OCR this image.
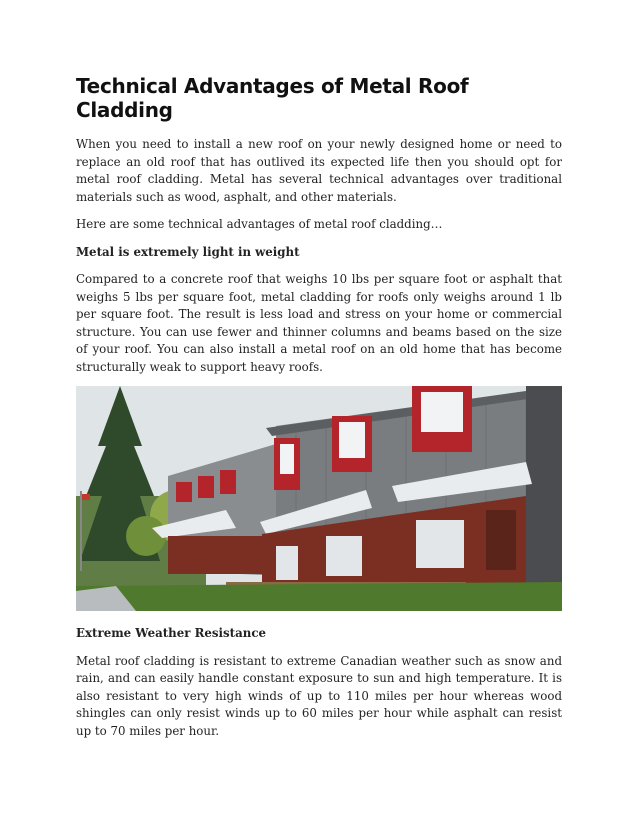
Technical Advantages of Metal Roof Cladding

When you need to install a new roof on your newly designed home or need to replace an old roof that has outlived its expected life then you should opt for metal roof cladding. Metal has several technical advantages over traditional materials such as wood, asphalt, and other materials.

Here are some technical advantages of metal roof cladding…

Metal is extremely light in weight

Compared to a concrete roof that weighs 10 lbs per square foot or asphalt that weighs 5 lbs per square foot, metal cladding for roofs only weighs around 1 lb per square foot. The result is less load and stress on your home or commercial structure. You can use fewer and thinner columns and beams based on the size of your roof. You can also install a metal roof on an old home that has become structurally weak to support heavy roofs.

Extreme Weather Resistance

Metal roof cladding is resistant to extreme Canadian weather such as snow and rain, and can easily handle constant exposure to sun and high temperature. It is also resistant to very high winds of up to 110 miles per hour whereas wood shingles can only resist winds up to 60 miles per hour while asphalt can resist up to 70 miles per hour.
